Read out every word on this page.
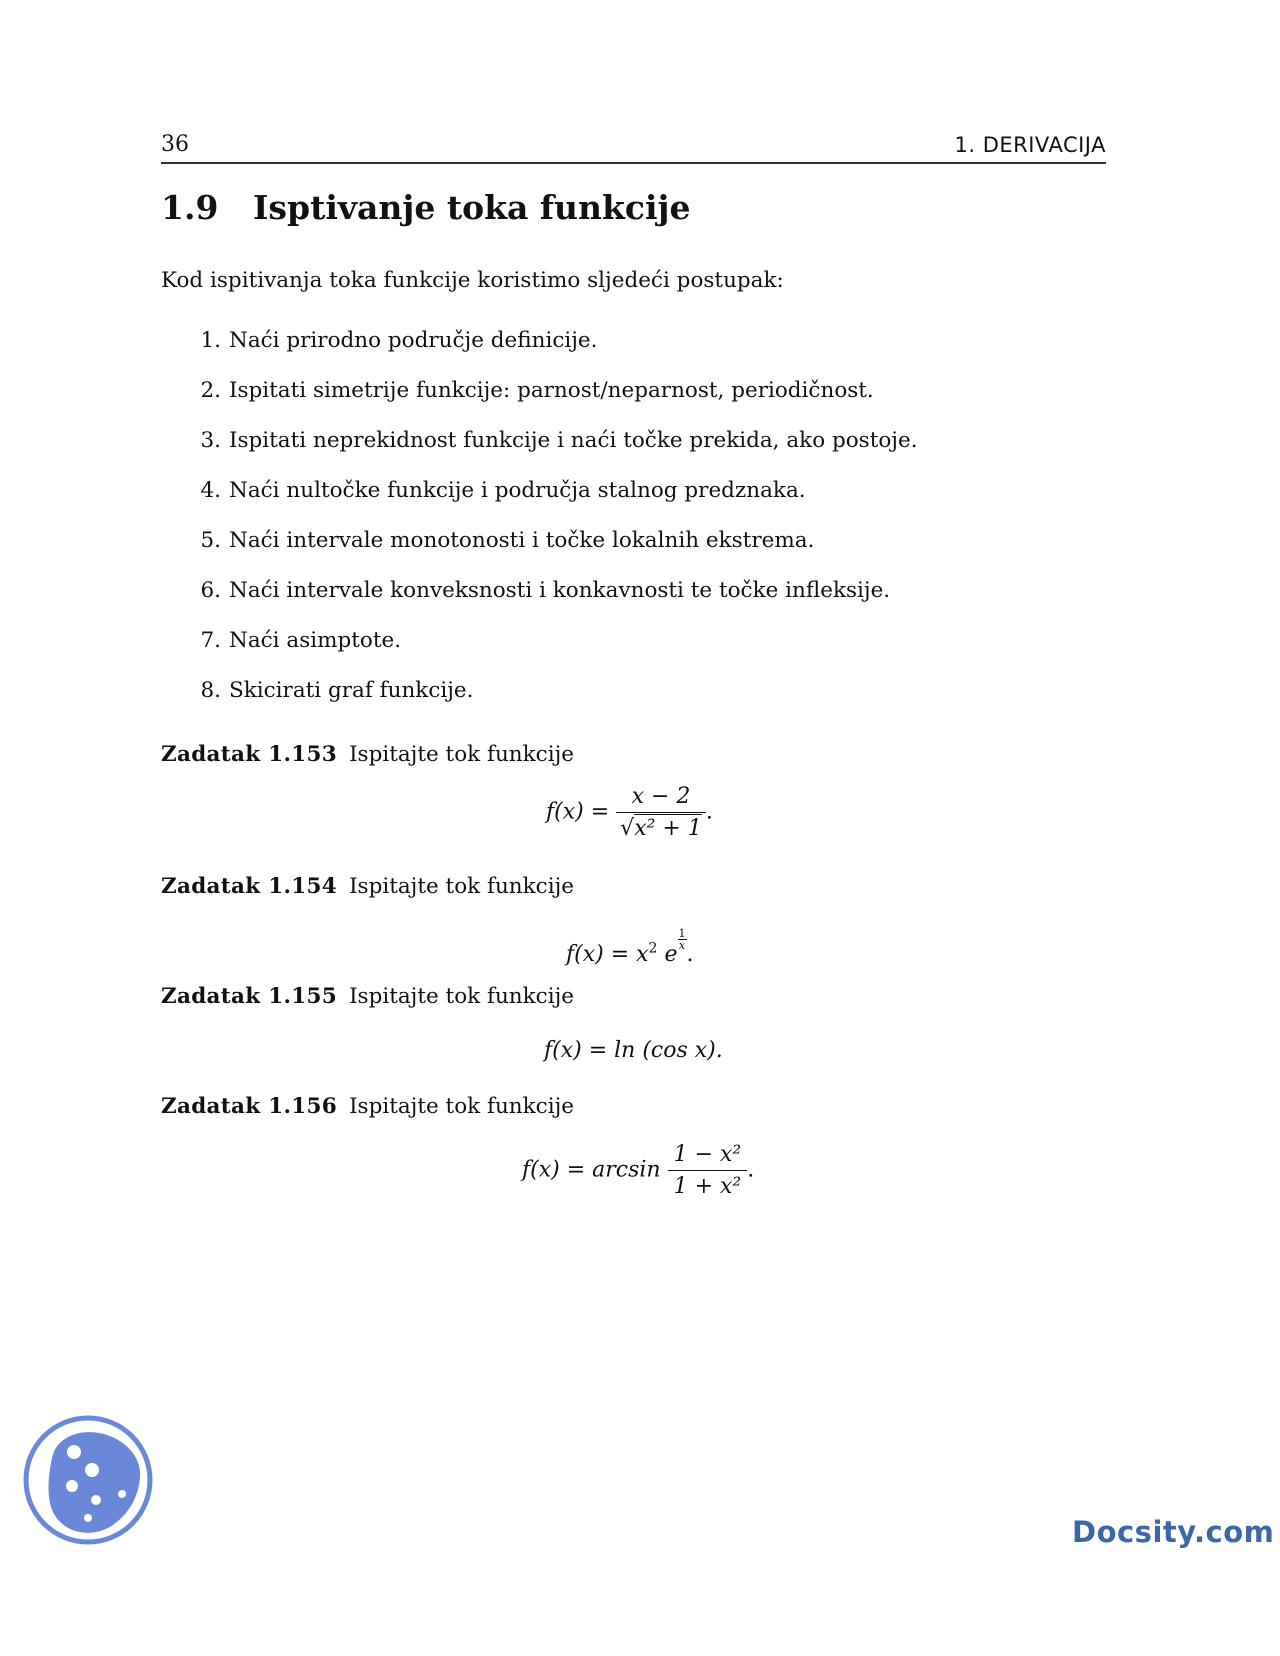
36	1. DERIVACIJA
1.9 Isptivanje toka funkcije

Kod ispitivanja toka funkcije koristimo sljedeći postupak:

1. Naći prirodno područje definicije.
2. Ispitati simetrije funkcije: parnost/neparnost, periodičnost.
3. Ispitati neprekidnost funkcije i naći točke prekida, ako postoje.
4. Naći nultočke funkcije i područja stalnog predznaka.
5. Naći intervale monotonosti i točke lokalnih ekstrema.
6. Naći intervale konveksnosti i konkavnosti te točke infleksije.
7. Naći asimptote.
8. Skicirati graf funkcije.
Zadatak 1.153 Ispitajte tok funkcije
$f(x) = \frac{x - 2}{\text{√x² + 1}}$ .
Zadatak 1.154 Ispitajte tok funkcije
$f(x) = x^2$ e
$\frac{1}{x}$
.
Zadatak 1.155 Ispitajte tok funkcije
f(x) = ln (cos x).
Zadatak 1.156 Ispitajte tok funkcije
$f(x) = \arcsin \frac{\text{1 − x²}}{\text{1 + x²}}$ .
Docsity.com
